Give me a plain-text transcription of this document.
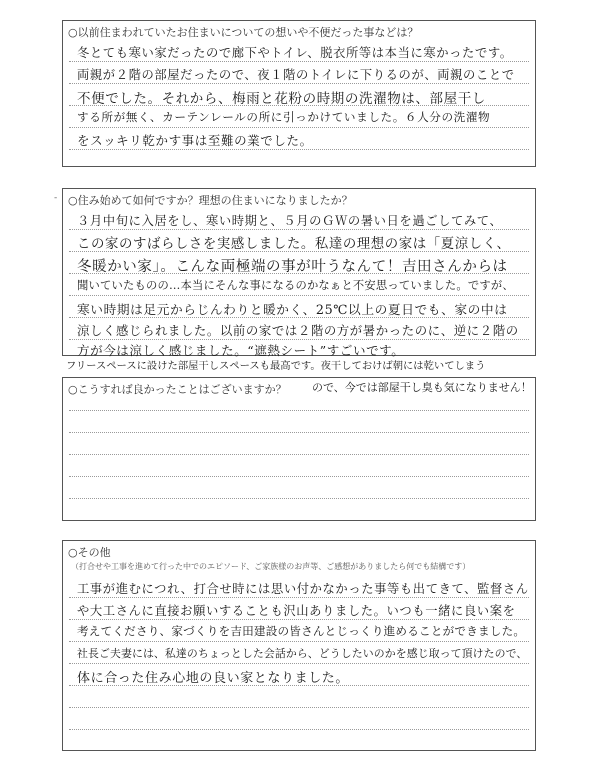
○以前住まわれていたお住まいについての想いや不便だった事などは？
冬とても寒い家だったので廊下やトイレ、脱衣所等は本当に寒かったです。
両親が２階の部屋だったので、夜１階のトイレに下りるのが、両親のことで
不便でした。それから、梅雨と花粉の時期の洗濯物は、部屋干し
する所が無く、カーテンレールの所に引っかけていました。６人分の洗濯物
をスッキリ乾かす事は至難の業でした。
‐ ○住み始めて如何ですか？理想の住まいになりましたか？
３月中旬に入居をし、寒い時期と、５月のＧＷの暑い日を過ごしてみて、
この家のすばらしさを実感しました。私達の理想の家は「夏涼しく、
冬暖かい家」。こんな両極端の事が叶うなんて！吉田さんからは
聞いていたものの…本当にそんな事になるのかなぁと不安思っていました。ですが、
寒い時期は足元からじんわりと暖かく、25℃以上の夏日でも、家の中は
涼しく感じられました。以前の家では２階の方が暑かったのに、逆に２階の
方が今は涼しく感じました。“遮熱シート”すごいです。
フリースペースに設けた部屋干しスペースも最高です。夜干しておけば朝には乾いてしまう
ので、今では部屋干し臭も気になりません！
○こうすれば良かったことはございますか？
○その他
（打合せや工事を進めて行った中でのエピソード、ご家族様のお声等、ご感想がありましたら何でも結構です）
工事が進むにつれ、打合せ時には思い付かなかった事等も出てきて、監督さん
や大工さんに直接お願いすることも沢山ありました。いつも一緒に良い案を
考えてくださり、家づくりを吉田建設の皆さんとじっくり進めることができました。
社長ご夫妻には、私達のちょっとした会話から、どうしたいのかを感じ取って頂けたので、
体に合った住み心地の良い家となりました。
